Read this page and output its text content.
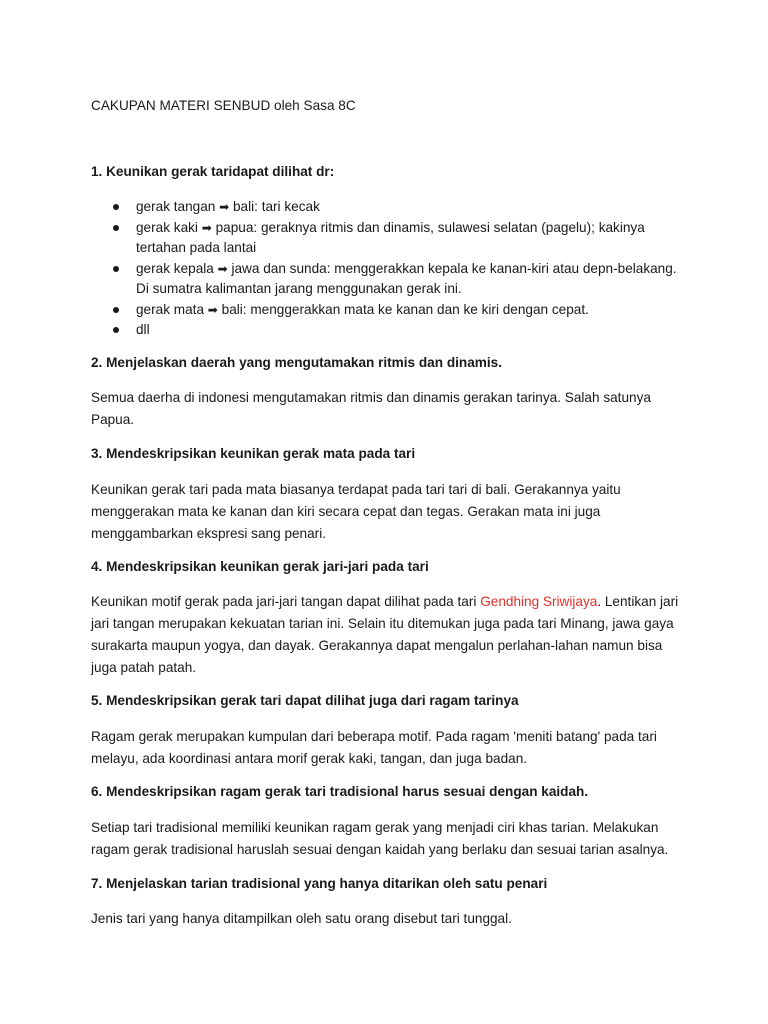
CAKUPAN MATERI SENBUD oleh Sasa 8C
1. Keunikan gerak taridapat dilihat dr:
gerak tangan ➡ bali: tari kecak
gerak kaki ➡ papua: geraknya ritmis dan dinamis, sulawesi selatan (pagelu); kakinya tertahan pada lantai
gerak kepala ➡ jawa dan sunda: menggerakkan kepala ke kanan-kiri atau depn-belakang. Di sumatra kalimantan jarang menggunakan gerak ini.
gerak mata ➡ bali: menggerakkan mata ke kanan dan ke kiri dengan cepat.
dll
2. Menjelaskan daerah yang mengutamakan ritmis dan dinamis.
Semua daerha di indonesi mengutamakan ritmis dan dinamis gerakan tarinya. Salah satunya Papua.
3. Mendeskripsikan keunikan gerak mata pada tari
Keunikan gerak tari pada mata biasanya terdapat pada tari tari di bali. Gerakannya yaitu menggerakan mata ke kanan dan kiri secara cepat dan tegas. Gerakan mata ini juga menggambarkan ekspresi sang penari.
4. Mendeskripsikan keunikan gerak jari-jari pada tari
Keunikan motif gerak pada jari-jari tangan dapat dilihat pada tari Gendhing Sriwijaya. Lentikan jari jari tangan merupakan kekuatan tarian ini. Selain itu ditemukan juga pada tari Minang, jawa gaya surakarta maupun yogya, dan dayak. Gerakannya dapat mengalun perlahan-lahan namun bisa juga patah patah.
5. Mendeskripsikan gerak tari dapat dilihat juga dari ragam tarinya
Ragam gerak merupakan kumpulan dari beberapa motif. Pada ragam 'meniti batang' pada tari melayu, ada koordinasi antara morif gerak kaki, tangan, dan juga badan.
6. Mendeskripsikan ragam gerak tari tradisional harus sesuai dengan kaidah.
Setiap tari tradisional memiliki keunikan ragam gerak yang menjadi ciri khas tarian. Melakukan ragam gerak tradisional haruslah sesuai dengan kaidah yang berlaku dan sesuai tarian asalnya.
7. Menjelaskan tarian tradisional yang hanya ditarikan oleh satu penari
Jenis tari yang hanya ditampilkan oleh satu orang disebut tari tunggal.
